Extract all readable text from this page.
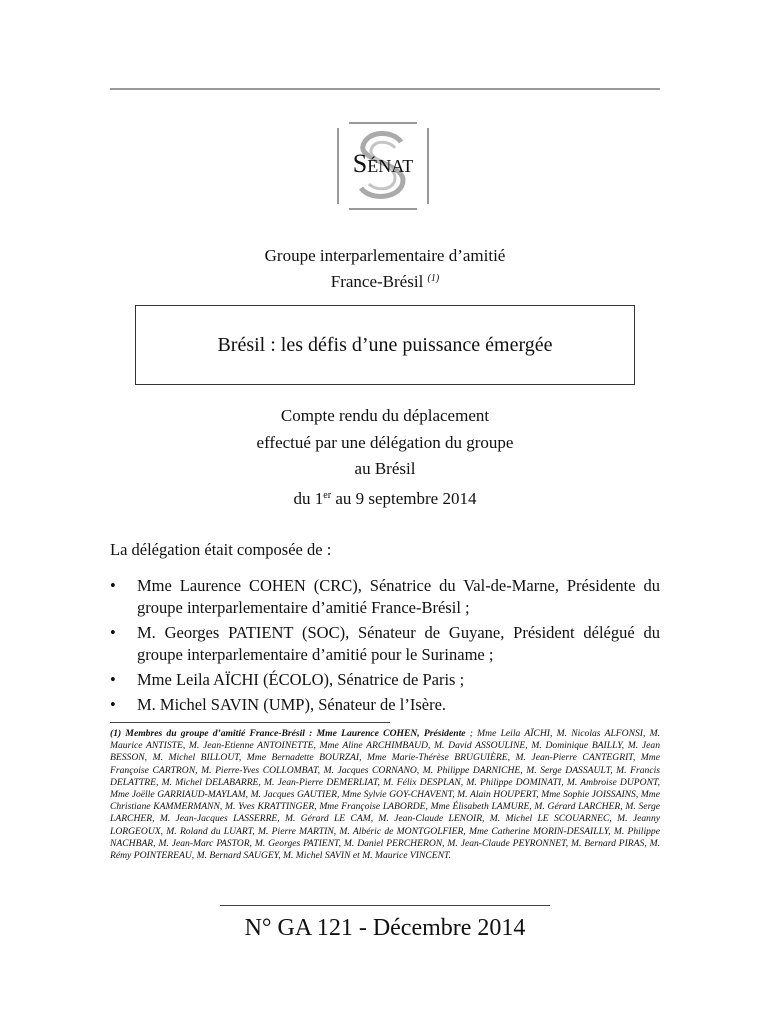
SÉNAT
Groupe interparlementaire d’amitié
France-Brésil $^{(1)}$
Brésil : les défis d’une puissance émergée
Compte rendu du déplacement
effectué par une délégation du groupe
au Brésil
du 1er au 9 septembre 2014
La délégation était composée de :
• Mme Laurence COHEN (CRC), Sénatrice du Val-de-Marne, Présidente du groupe interparlementaire d’amitié France-Brésil ;
• M. Georges PATIENT (SOC), Sénateur de Guyane, Président délégué du groupe interparlementaire d’amitié pour le Suriname ;
• Mme Leila AÏCHI (ÉCOLO), Sénatrice de Paris ;
• M. Michel SAVIN (UMP), Sénateur de l’Isère.
(1) Membres du groupe d’amitié France-Brésil : Mme Laurence COHEN, Présidente ; Mme Leila AÏCHI, M. Nicolas ALFONSI, M. Maurice ANTISTE, M. Jean-Etienne ANTOINETTE, Mme Aline ARCHIMBAUD, M. David ASSOULINE, M. Dominique BAILLY, M. Jean BESSON, M. Michel BILLOUT, Mme Bernadette BOURZAI, Mme Marie-Thérèse BRUGUIÈRE, M. Jean-Pierre CANTEGRIT, Mme Françoise CARTRON, M. Pierre-Yves COLLOMBAT, M. Jacques CORNANO, M. Philippe DARNICHE, M. Serge DASSAULT, M. Francis DELATTRE, M. Michel DELABARRE, M. Jean-Pierre DEMERLIAT, M. Félix DESPLAN, M. Philippe DOMINATI, M. Ambroise DUPONT, Mme Joëlle GARRIAUD-MAYLAM, M. Jacques GAUTIER, Mme Sylvie GOY-CHAVENT, M. Alain HOUPERT, Mme Sophie JOISSAINS, Mme Christiane KAMMERMANN, M. Yves KRATTINGER, Mme Françoise LABORDE, Mme Élisabeth LAMURE, M. Gérard LARCHER, M. Serge LARCHER, M. Jean-Jacques LASSERRE, M. Gérard LE CAM, M. Jean-Claude LENOIR, M. Michel LE SCOUARNEC, M. Jeanny LORGEOUX, M. Roland du LUART, M. Pierre MARTIN, M. Albéric de MONTGOLFIER, Mme Catherine MORIN-DESAILLY, M. Philippe NACHBAR, M. Jean-Marc PASTOR, M. Georges PATIENT, M. Daniel PERCHERON, M. Jean-Claude PEYRONNET, M. Bernard PIRAS, M. Rémy POINTEREAU, M. Bernard SAUGEY, M. Michel SAVIN et M. Maurice VINCENT.
N° GA 121 - Décembre 2014
